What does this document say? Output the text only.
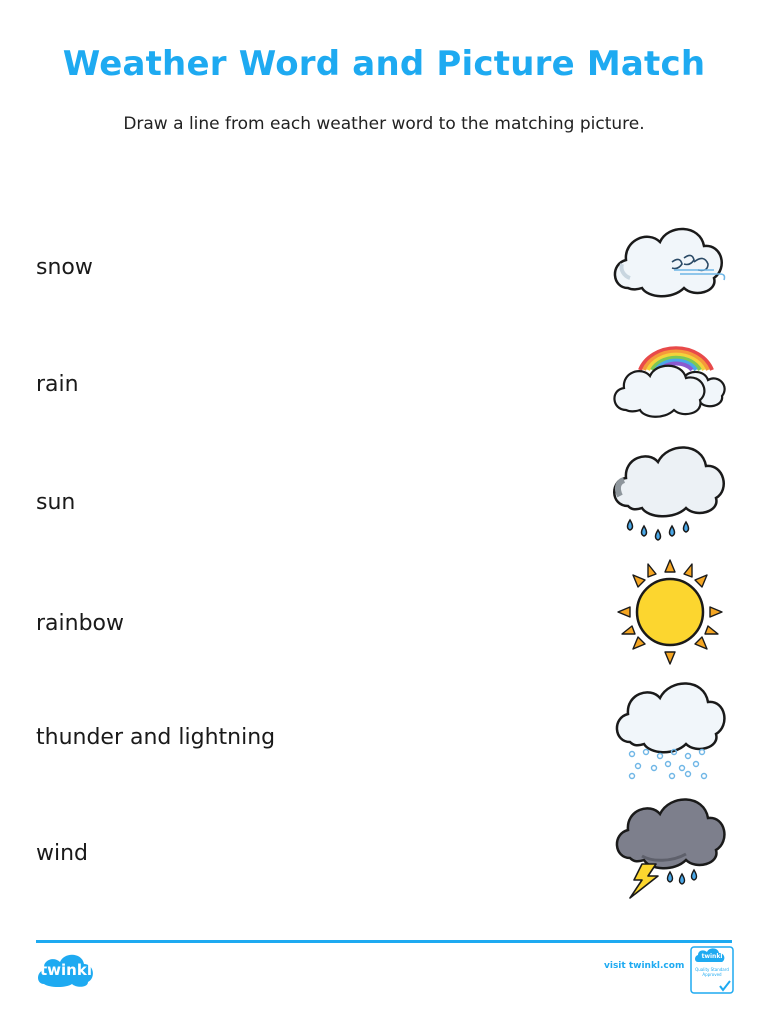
Weather Word and Picture Match
Draw a line from each weather word to the matching picture.
snow
rain
sun
rainbow
thunder and lightning
wind
twinkl	visit twinkl.com
twinkl
Quality Standard Approved
